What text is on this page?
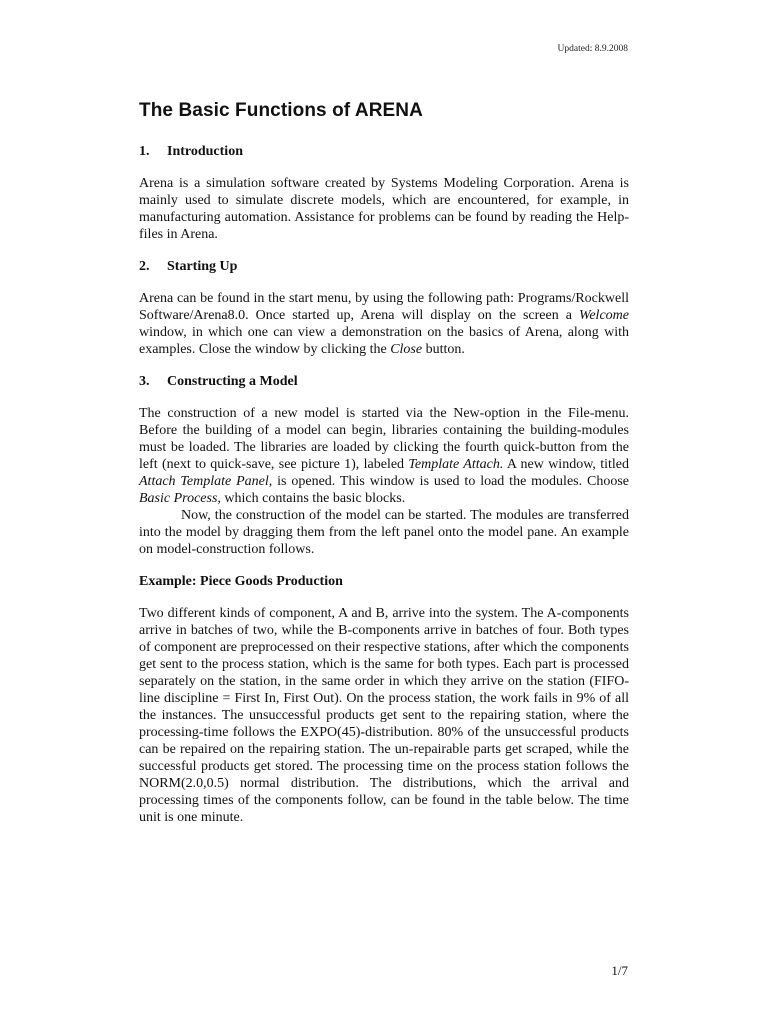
Updated: 8.9.2008
The Basic Functions of ARENA
1.	Introduction

Arena is a simulation software created by Systems Modeling Corporation. Arena is mainly used to simulate discrete models, which are encountered, for example, in manufacturing automation. Assistance for problems can be found by reading the Help-files in Arena.

2.	Starting Up

Arena can be found in the start menu, by using the following path: Programs/Rockwell Software/Arena8.0. Once started up, Arena will display on the screen a Welcome window, in which one can view a demonstration on the basics of Arena, along with examples. Close the window by clicking the Close button.

3.	Constructing a Model

The construction of a new model is started via the New-option in the File-menu. Before the building of a model can begin, libraries containing the building-modules must be loaded. The libraries are loaded by clicking the fourth quick-button from the left (next to quick-save, see picture 1), labeled Template Attach. A new window, titled Attach Template Panel, is opened. This window is used to load the modules. Choose Basic Process, which contains the basic blocks.

Now, the construction of the model can be started. The modules are transferred into the model by dragging them from the left panel onto the model pane. An example on model-construction follows.

Example: Piece Goods Production

Two different kinds of component, A and B, arrive into the system. The A-components arrive in batches of two, while the B-components arrive in batches of four. Both types of component are preprocessed on their respective stations, after which the components get sent to the process station, which is the same for both types. Each part is processed separately on the station, in the same order in which they arrive on the station (FIFO-line discipline = First In, First Out). On the process station, the work fails in 9% of all the instances. The unsuccessful products get sent to the repairing station, where the processing-time follows the EXPO(45)-distribution. 80% of the unsuccessful products can be repaired on the repairing station. The un-repairable parts get scraped, while the successful products get stored. The processing time on the process station follows the NORM(2.0,0.5) normal distribution. The distributions, which the arrival and processing times of the components follow, can be found in the table below. The time unit is one minute.

1/7
